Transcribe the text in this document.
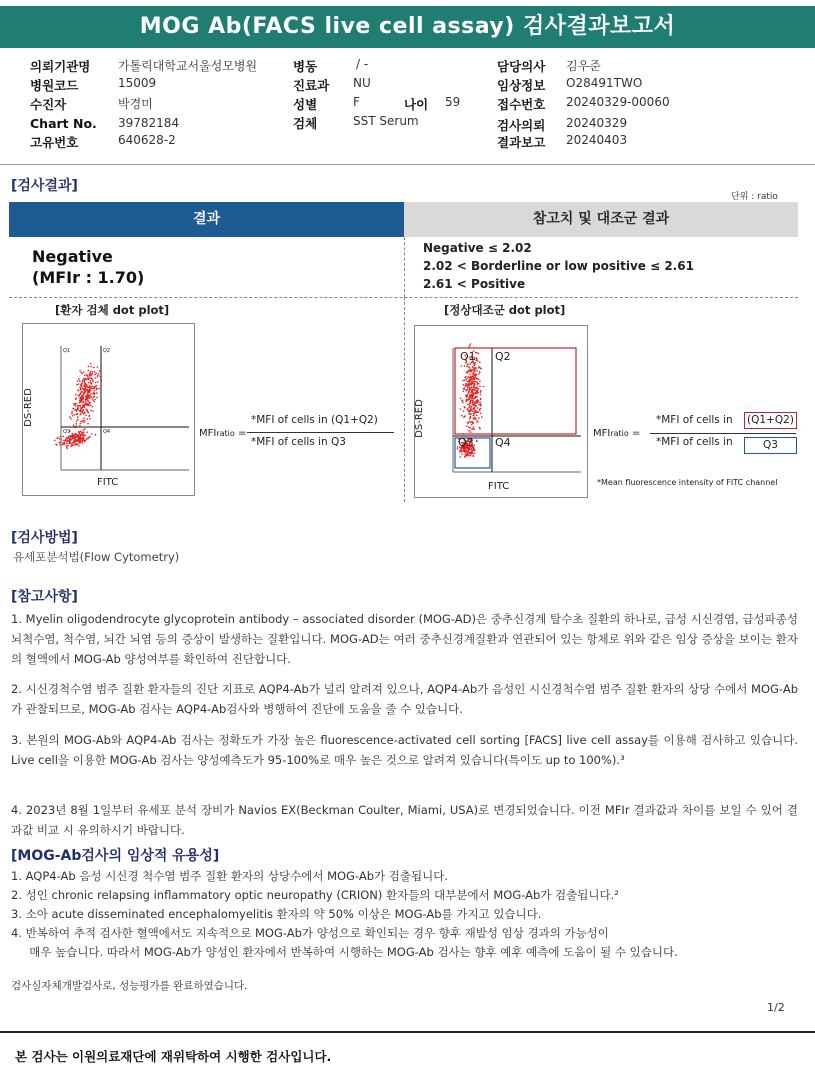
MOG Ab(FACS live cell assay) 검사결과보고서
의뢰기관명 가톨릭대학교서울성모병원
병원코드	15009
수진자	박경미
Chart No. 39782184
고유번호	640628-2
병동	/ -
진료과 NU
성별	F
검체	SST Serum
나이 59
담당의사 김우준
임상정보 O28491TWO
접수번호 20240329-00060
검사의뢰 20240329
결과보고 20240403
[검사결과]
단위 : ratio
결과	참고치 및 대조군 결과
Negative
(MFIr : 1.70)
Negative ≤ 2.02
2.02 < Borderline or low positive ≤ 2.61
2.61 < Positive
[환자 검체 dot plot]	[정상대조군 dot plot]
Q1	Q2
Q3	Q4
DS-RED
FITC
MFIratio =
*MFI of cells in (Q1+Q2)
*MFI of cells in Q3
Q1 Q2
Q3 Q4
DS-RED
FITC
MFIratio =
*MFI of cells in (Q1+Q2)
*MFI of cells in	Q3
*Mean fluorescence intensity of FITC channel
[검사방법]
유세포분석법(Flow Cytometry)
[참고사항]
1. Myelin oligodendrocyte glycoprotein antibody – associated disorder (MOG-AD)은 중추신경계 탈수초 질환의 하나로, 급성 시신경염, 급성파종성 뇌척수염, 척수염, 뇌간 뇌염 등의 증상이 발생하는 질환입니다. MOG-AD는 여러 중추신경계질환과 연관되어 있는 항체로 위와 같은 임상 증상을 보이는 환자의 혈액에서 MOG-Ab 양성여부를 확인하여 진단합니다.
2. 시신경척수염 범주 질환 환자들의 진단 지표로 AQP4-Ab가 널리 알려져 있으나, AQP4-Ab가 음성인 시신경척수염 범주 질환 환자의 상당 수에서 MOG-Ab가 관찰되므로, MOG-Ab 검사는 AQP4-Ab검사와 병행하여 진단에 도움을 줄 수 있습니다.
3. 본원의 MOG-Ab와 AQP4-Ab 검사는 정확도가 가장 높은 fluorescence-activated cell sorting [FACS] live cell assay를 이용해 검사하고 있습니다. Live cell을 이용한 MOG-Ab 검사는 양성예측도가 95-100%로 매우 높은 것으로 알려져 있습니다(특이도 up to 100%).³
4. 2023년 8월 1일부터 유세포 분석 장비가 Navios EX(Beckman Coulter, Miami, USA)로 변경되었습니다. 이전 MFIr 결과값과 차이를 보일 수 있어 결과값 비교 시 유의하시기 바랍니다.
[MOG-Ab검사의 임상적 유용성]
1. AQP4-Ab 음성 시신경 척수염 범주 질환 환자의 상당수에서 MOG-Ab가 검출됩니다.
2. 성인 chronic relapsing inflammatory optic neuropathy (CRION) 환자들의 대부분에서 MOG-Ab가 검출됩니다.²
3. 소아 acute disseminated encephalomyelitis 환자의 약 50% 이상은 MOG-Ab를 가지고 있습니다.
4. 반복하여 추적 검사한 혈액에서도 지속적으로 MOG-Ab가 양성으로 확인되는 경우 향후 재발성 임상 경과의 가능성이
매우 높습니다. 따라서 MOG-Ab가 양성인 환자에서 반복하여 시행하는 MOG-Ab 검사는 향후 예후 예측에 도움이 될 수 있습니다.
검사실자체개발검사로, 성능평가를 완료하였습니다.
1/2
본 검사는 이원의료재단에 재위탁하여 시행한 검사입니다.
